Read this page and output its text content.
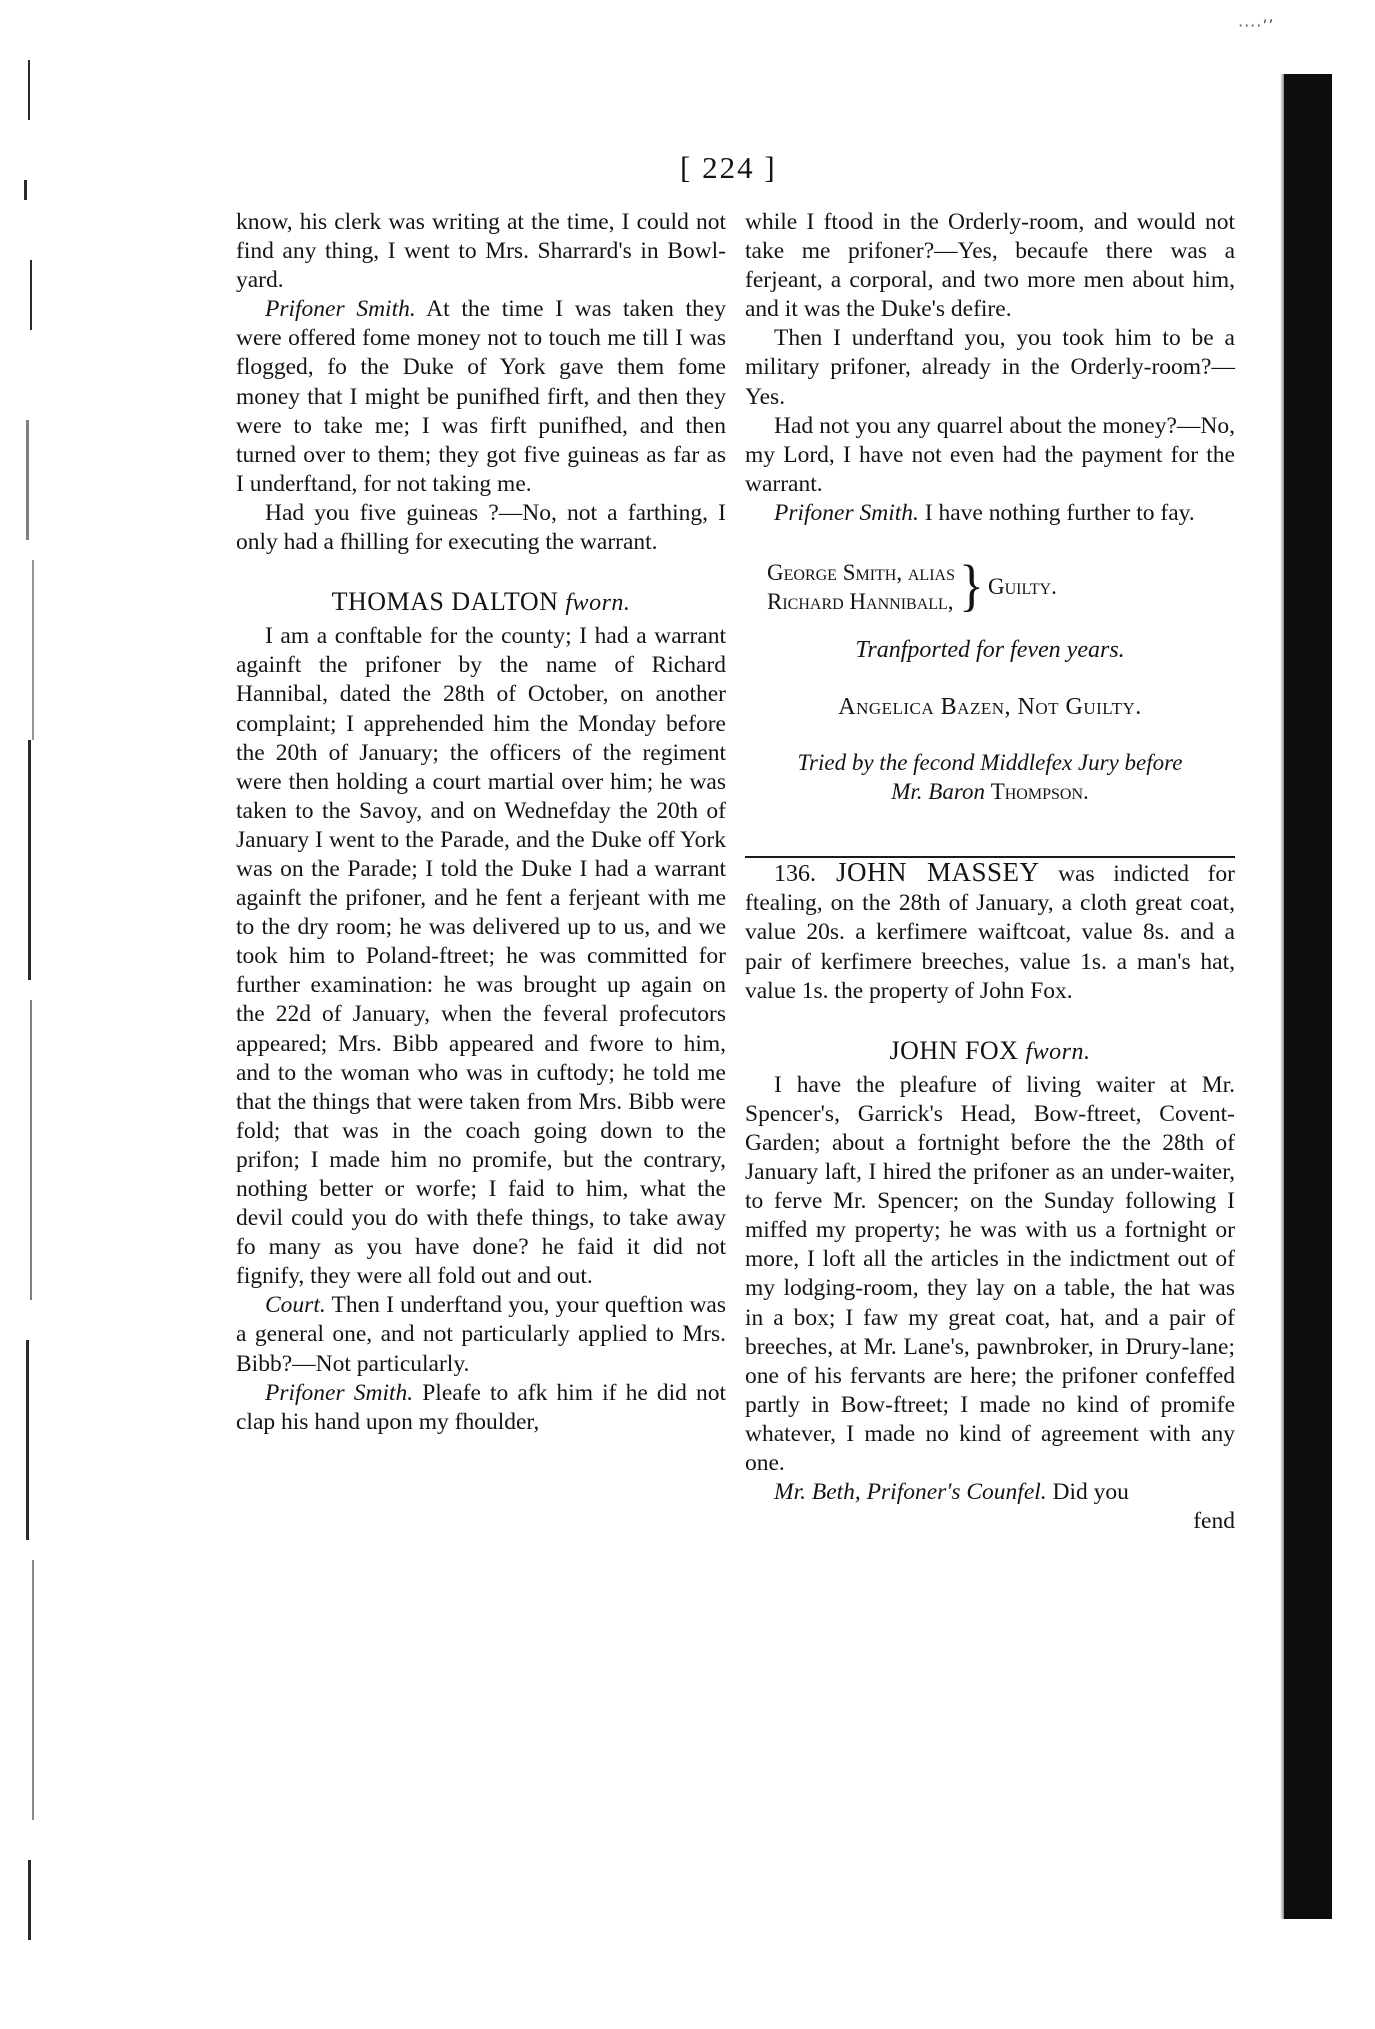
····’ʼ
[ 224 ]

know, his clerk was writing at the time, I could not find any thing, I went to Mrs. Sharrard's in Bowl-yard.

Prifoner Smith. At the time I was taken they were offered fome money not to touch me till I was flogged, fo the Duke of York gave them fome money that I might be punifhed firft, and then they were to take me; I was firft punifhed, and then turned over to them; they got five guineas as far as I underftand, for not taking me.

Had you five guineas ?—No, not a farthing, I only had a fhilling for executing the warrant.

THOMAS DALTON fworn.

I am a conftable for the county; I had a warrant againft the prifoner by the name of Richard Hannibal, dated the 28th of October, on another complaint; I apprehended him the Monday before the 20th of January; the officers of the regiment were then holding a court martial over him; he was taken to the Savoy, and on Wednefday the 20th of January I went to the Parade, and the Duke off York was on the Parade; I told the Duke I had a warrant againft the prifoner, and he fent a ferjeant with me to the dry room; he was delivered up to us, and we took him to Poland-ftreet; he was committed for further examination: he was brought up again on the 22d of January, when the feveral profecutors appeared; Mrs. Bibb appeared and fwore to him, and to the woman who was in cuftody; he told me that the things that were taken from Mrs. Bibb were fold; that was in the coach going down to the prifon; I made him no promife, but the contrary, nothing better or worfe; I faid to him, what the devil could you do with thefe things, to take away fo many as you have done? he faid it did not fignify, they were all fold out and out.

Court. Then I underftand you, your queftion was a general one, and not particularly applied to Mrs. Bibb?—Not particularly.

Prifoner Smith. Pleafe to afk him if he did not clap his hand upon my fhoulder,

while I ftood in the Orderly-room, and would not take me prifoner?—Yes, becaufe there was a ferjeant, a corporal, and two more men about him, and it was the Duke's defire.

Then I underftand you, you took him to be a military prifoner, already in the Orderly-room?—Yes.

Had not you any quarrel about the money?—No, my Lord, I have not even had the payment for the warrant.

Prifoner Smith. I have nothing further to fay.

George Smith, alias
Richard Hanniball, } Guilty.
Tranfported for feven years.
Angelica Bazen, Not Guilty.
Tried by the fecond Middlefex Jury before
Mr. Baron Thompson.

136. JOHN MASSEY was indicted for ftealing, on the 28th of January, a cloth great coat, value 20s. a kerfimere waiftcoat, value 8s. and a pair of kerfimere breeches, value 1s. a man's hat, value 1s. the property of John Fox.

JOHN FOX fworn.

I have the pleafure of living waiter at Mr. Spencer's, Garrick's Head, Bow-ftreet, Covent-Garden; about a fortnight before the the 28th of January laft, I hired the prifoner as an under-waiter, to ferve Mr. Spencer; on the Sunday following I miffed my property; he was with us a fortnight or more, I loft all the articles in the indictment out of my lodging-room, they lay on a table, the hat was in a box; I faw my great coat, hat, and a pair of breeches, at Mr. Lane's, pawnbroker, in Drury-lane; one of his fervants are here; the prifoner confeffed partly in Bow-ftreet; I made no kind of promife whatever, I made no kind of agreement with any one.

Mr. Beth, Prifoner's Counfel. Did you

fend
